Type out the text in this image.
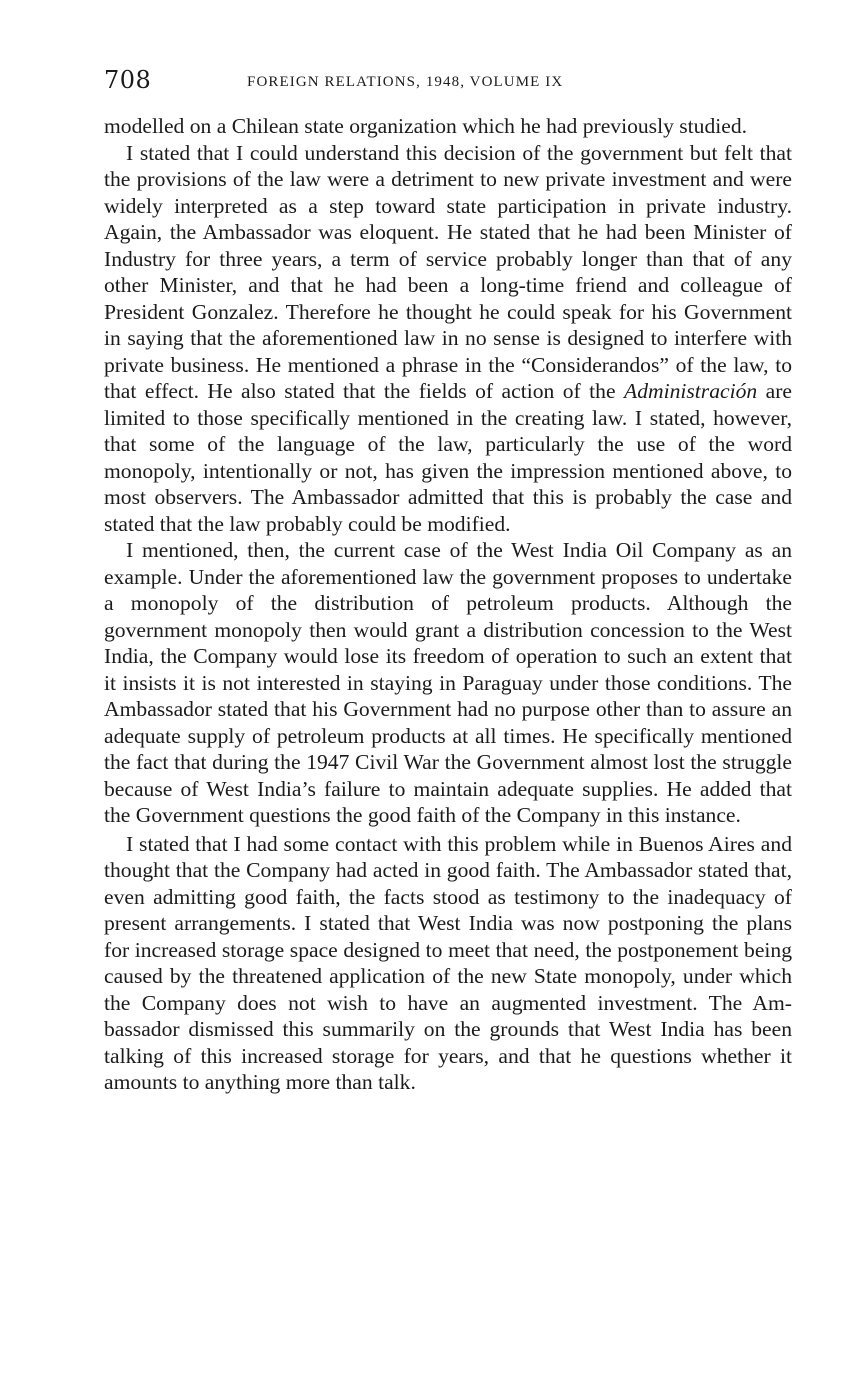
708	FOREIGN RELATIONS, 1948, VOLUME IX

modelled on a Chilean state organization which he had previously studied.

I stated that I could understand this decision of the government but felt that the provisions of the law were a detriment to new private investment and were widely interpreted as a step toward state participation in private industry. Again, the Ambassador was eloquent. He stated that he had been Minister of Industry for three years, a term of service probably longer than that of any other Minister, and that he had been a long-time friend and colleague of President Gonzalez. Therefore he thought he could speak for his Government in saying that the aforementioned law in no sense is designed to interfere with private business. He mentioned a phrase in the “Considerandos” of the law, to that effect. He also stated that the fields of action of the Administración are limited to those specifically mentioned in the creating law. I stated, however, that some of the language of the law, particularly the use of the word monopoly, intentionally or not, has given the impression mentioned above, to most observers. The Ambassador admitted that this is probably the case and stated that the law probably could be modified.

I mentioned, then, the current case of the West India Oil Company as an example. Under the aforementioned law the government proposes to undertake a monopoly of the distribution of petroleum products. Although the government monopoly then would grant a distribution concession to the West India, the Company would lose its freedom of operation to such an extent that it insists it is not interested in staying in Paraguay under those conditions. The Ambassador stated that his Government had no purpose other than to assure an adequate supply of petroleum products at all times. He specifically mentioned the fact that during the 1947 Civil War the Government almost lost the struggle because of West India’s failure to maintain adequate supplies. He added that the Government questions the good faith of the Company in this instance.

I stated that I had some contact with this problem while in Buenos Aires and thought that the Company had acted in good faith. The Ambassador stated that, even admitting good faith, the facts stood as testimony to the inadequacy of present arrangements. I stated that West India was now postponing the plans for increased storage space designed to meet that need, the postponement being caused by the threatened application of the new State monopoly, under which the Company does not wish to have an augmented investment. The Ambassador dismissed this summarily on the grounds that West India has been talking of this increased storage for years, and that he questions whether it amounts to anything more than talk.
